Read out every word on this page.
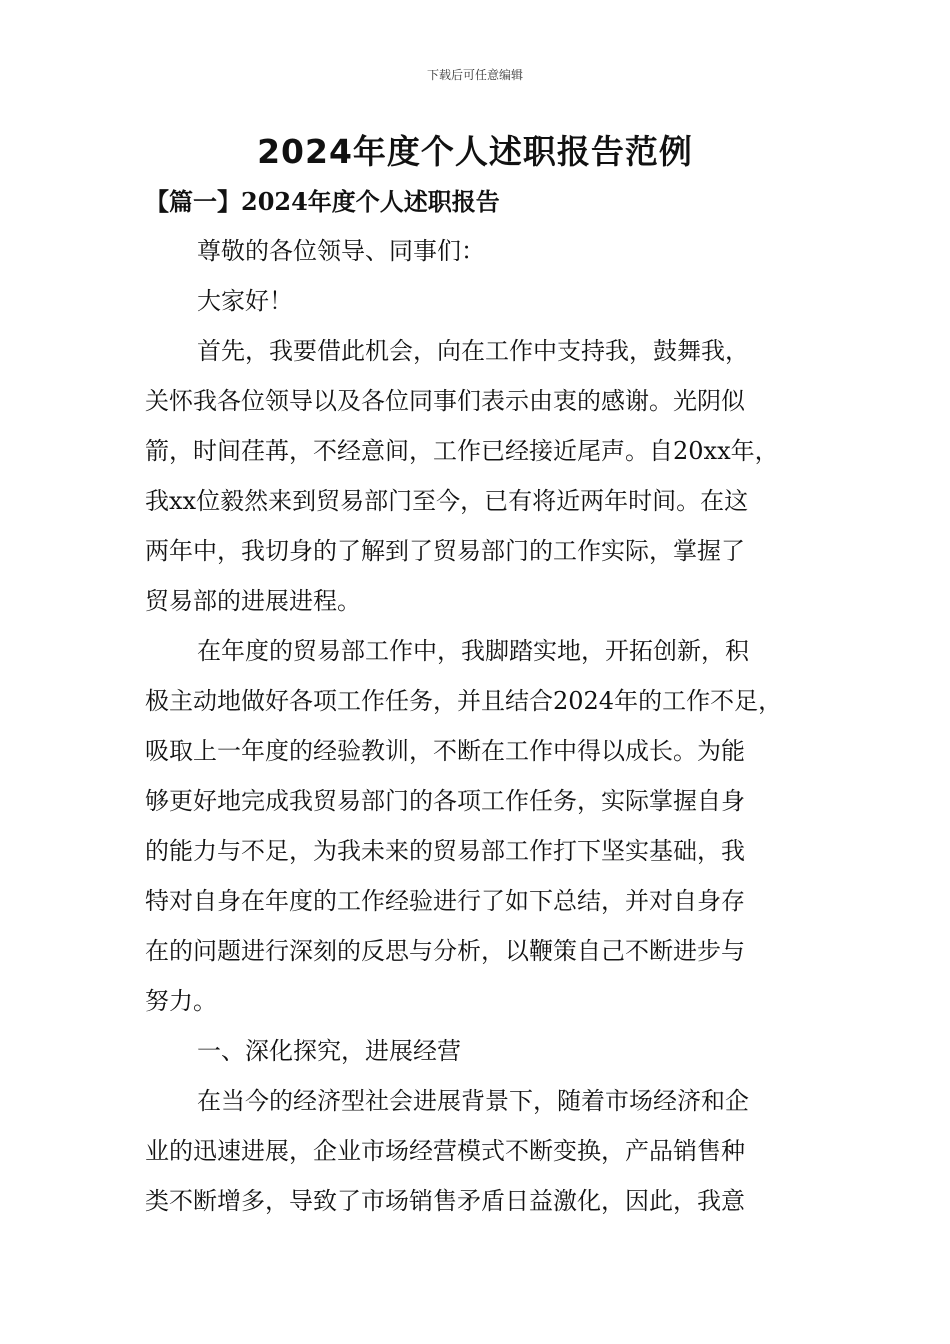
下载后可任意编辑
2024年度个人述职报告范例
【篇一】2024年度个人述职报告

尊敬的各位领导、同事们：

大家好！

首先，我要借此机会，向在工作中支持我，鼓舞我，
关怀我各位领导以及各位同事们表示由衷的感谢。光阴似
箭，时间荏苒，不经意间，工作已经接近尾声。自20xx年，
我xx位毅然来到贸易部门至今，已有将近两年时间。在这
两年中，我切身的了解到了贸易部门的工作实际，掌握了
贸易部的进展进程。

在年度的贸易部工作中，我脚踏实地，开拓创新，积
极主动地做好各项工作任务，并且结合2024年的工作不足，
吸取上一年度的经验教训，不断在工作中得以成长。为能
够更好地完成我贸易部门的各项工作任务，实际掌握自身
的能力与不足，为我未来的贸易部工作打下坚实基础，我
特对自身在年度的工作经验进行了如下总结，并对自身存
在的问题进行深刻的反思与分析，以鞭策自己不断进步与
努力。

一、深化探究，进展经营

在当今的经济型社会进展背景下，随着市场经济和企
业的迅速进展，企业市场经营模式不断变换，产品销售种
类不断增多，导致了市场销售矛盾日益激化，因此，我意
